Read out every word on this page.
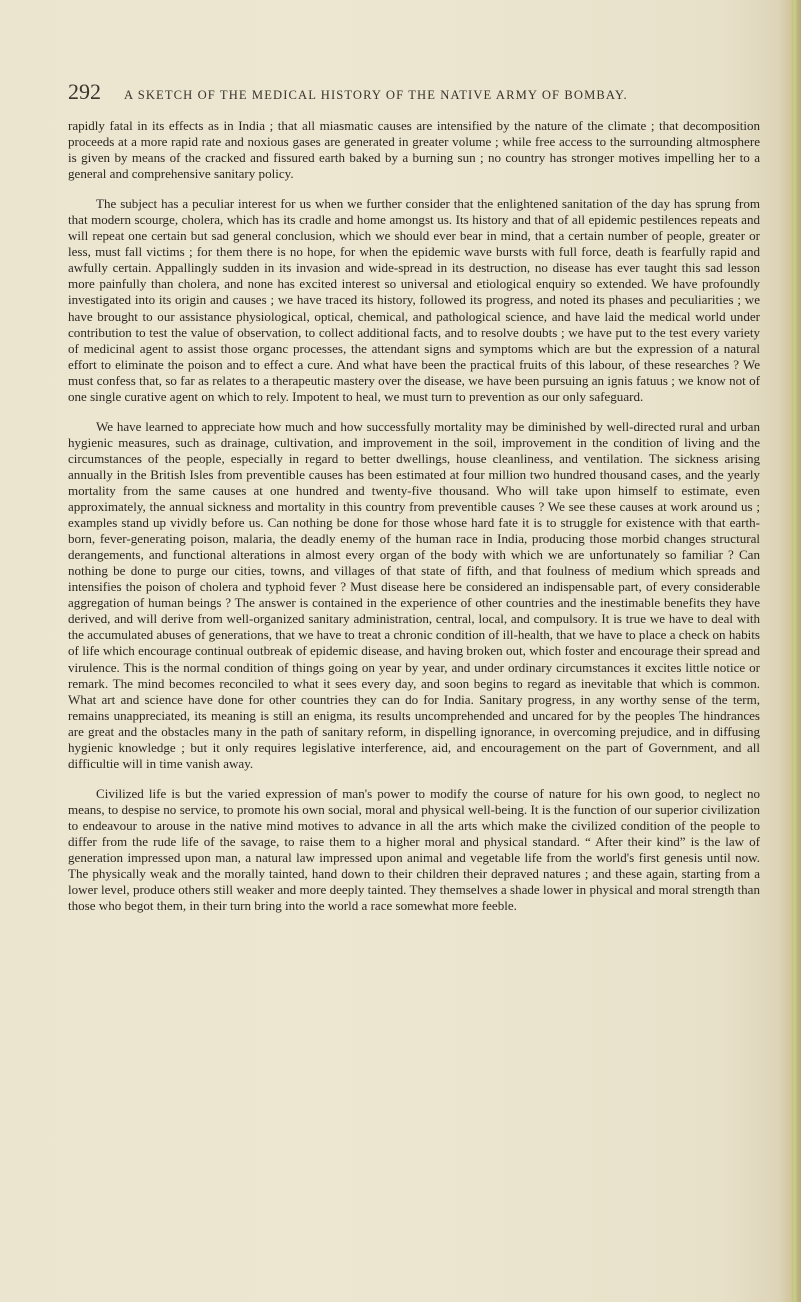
292	A SKETCH OF THE MEDICAL HISTORY OF THE NATIVE ARMY OF BOMBAY.

rapidly fatal in its effects as in India ; that all miasmatic causes are intensified by the nature of the climate ; that decomposition proceeds at a more rapid rate and noxious gases are generated in greater volume ; while free access to the surrounding altmosphere is given by means of the cracked and fissured earth baked by a burning sun ; no country has stronger motives impelling her to a general and comprehensive sanitary policy.

The subject has a peculiar interest for us when we further consider that the enlightened sanitation of the day has sprung from that modern scourge, cholera, which has its cradle and home amongst us. Its history and that of all epidemic pestilences repeats and will repeat one certain but sad general conclusion, which we should ever bear in mind, that a certain number of people, greater or less, must fall victims ; for them there is no hope, for when the epidemic wave bursts with full force, death is fearfully rapid and awfully certain. Appallingly sudden in its invasion and wide-spread in its destruction, no disease has ever taught this sad lesson more painfully than cholera, and none has excited interest so universal and etiological enquiry so extended. We have profoundly investigated into its origin and causes ; we have traced its history, followed its progress, and noted its phases and peculiarities ; we have brought to our assistance physiological, optical, chemical, and pathological science, and have laid the medical world under contribution to test the value of observation, to collect additional facts, and to resolve doubts ; we have put to the test every variety of medicinal agent to assist those organc processes, the attendant signs and symptoms which are but the expression of a natural effort to eliminate the poison and to effect a cure. And what have been the practical fruits of this labour, of these researches ? We must confess that, so far as relates to a therapeutic mastery over the disease, we have been pursuing an ignis fatuus ; we know not of one single curative agent on which to rely. Impotent to heal, we must turn to prevention as our only safeguard.

We have learned to appreciate how much and how successfully mortality may be diminished by well-directed rural and urban hygienic measures, such as drainage, cultivation, and improvement in the soil, improvement in the condition of living and the circumstances of the people, especially in regard to better dwellings, house cleanliness, and ventilation. The sickness arising annually in the British Isles from preventible causes has been estimated at four million two hundred thousand cases, and the yearly mortality from the same causes at one hundred and twenty-five thousand. Who will take upon himself to estimate, even approximately, the annual sickness and mortality in this country from preventible causes ? We see these causes at work around us ; examples stand up vividly before us. Can nothing be done for those whose hard fate it is to struggle for existence with that earth-born, fever-generating poison, malaria, the deadly enemy of the human race in India, producing those morbid changes structural derangements, and functional alterations in almost every organ of the body with which we are unfortunately so familiar ? Can nothing be done to purge our cities, towns, and villages of that state of fifth, and that foulness of medium which spreads and intensifies the poison of cholera and typhoid fever ? Must disease here be considered an indispensable part, of every considerable aggregation of human beings ? The answer is contained in the experience of other countries and the inestimable benefits they have derived, and will derive from well-organized sanitary administration, central, local, and compulsory. It is true we have to deal with the accumulated abuses of generations, that we have to treat a chronic condition of ill-health, that we have to place a check on habits of life which encourage continual outbreak of epidemic disease, and having broken out, which foster and encourage their spread and virulence. This is the normal condition of things going on year by year, and under ordinary circumstances it excites little notice or remark. The mind becomes reconciled to what it sees every day, and soon begins to regard as inevitable that which is common. What art and science have done for other countries they can do for India. Sanitary progress, in any worthy sense of the term, remains unappreciated, its meaning is still an enigma, its results uncomprehended and uncared for by the peoples The hindrances are great and the obstacles many in the path of sanitary reform, in dispelling ignorance, in overcoming prejudice, and in diffusing hygienic knowledge ; but it only requires legislative interference, aid, and encouragement on the part of Government, and all difficultie will in time vanish away.

Civilized life is but the varied expression of man's power to modify the course of nature for his own good, to neglect no means, to despise no service, to promote his own social, moral and physical well-being. It is the function of our superior civilization to endeavour to arouse in the native mind motives to advance in all the arts which make the civilized condition of the people to differ from the rude life of the savage, to raise them to a higher moral and physical standard. “ After their kind” is the law of generation impressed upon man, a natural law impressed upon animal and vegetable life from the world's first genesis until now. The physically weak and the morally tainted, hand down to their children their depraved natures ; and these again, starting from a lower level, produce others still weaker and more deeply tainted. They themselves a shade lower in physical and moral strength than those who begot them, in their turn bring into the world a race somewhat more feeble.
